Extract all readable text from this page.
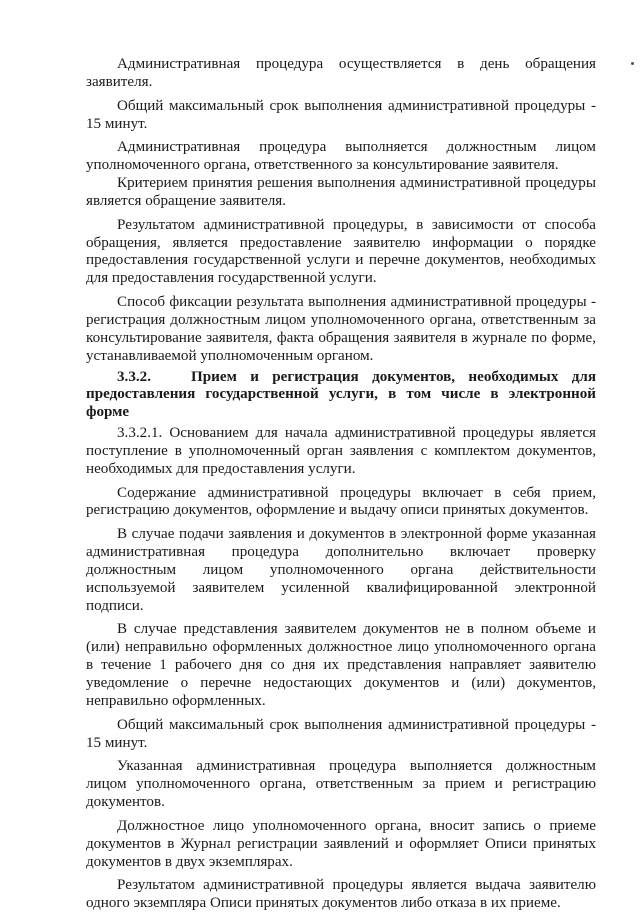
Административная процедура осуществляется в день обращения заявителя.

Общий максимальный срок выполнения административной процедуры - 15 минут.

Административная процедура выполняется должностным лицом уполномоченного органа, ответственного за консультирование заявителя.

Критерием принятия решения выполнения административной процедуры является обращение заявителя.

Результатом административной процедуры, в зависимости от способа обращения, является предоставление заявителю информации о порядке предоставления государственной услуги и перечне документов, необходимых для предоставления государственной услуги.

Способ фиксации результата выполнения административной процедуры - регистрация должностным лицом уполномоченного органа, ответственным за консультирование заявителя, факта обращения заявителя в журнале по форме, устанавливаемой уполномоченным органом.

3.3.2.	Прием и регистрация документов, необходимых для предоставления государственной услуги, в том числе в электронной форме

3.3.2.1. Основанием для начала административной процедуры является поступление в уполномоченный орган заявления с комплектом документов, необходимых для предоставления услуги.

Содержание административной процедуры включает в себя прием, регистрацию документов, оформление и выдачу описи принятых документов.

В случае подачи заявления и документов в электронной форме указанная административная процедура дополнительно включает проверку должностным лицом уполномоченного органа действительности используемой заявителем усиленной квалифицированной электронной подписи.

В случае представления заявителем документов не в полном объеме и (или) неправильно оформленных должностное лицо уполномоченного органа в течение 1 рабочего дня со дня их представления направляет заявителю уведомление о перечне недостающих документов и (или) документов, неправильно оформленных.

Общий максимальный срок выполнения административной процедуры - 15 минут.

Указанная административная процедура выполняется должностным лицом уполномоченного органа, ответственным за прием и регистрацию документов.

Должностное лицо уполномоченного органа, вносит запись о приеме документов в Журнал регистрации заявлений и оформляет Описи принятых документов в двух экземплярах.

Результатом административной процедуры является выдача заявителю одного экземпляра Описи принятых документов либо отказа в их приеме.
